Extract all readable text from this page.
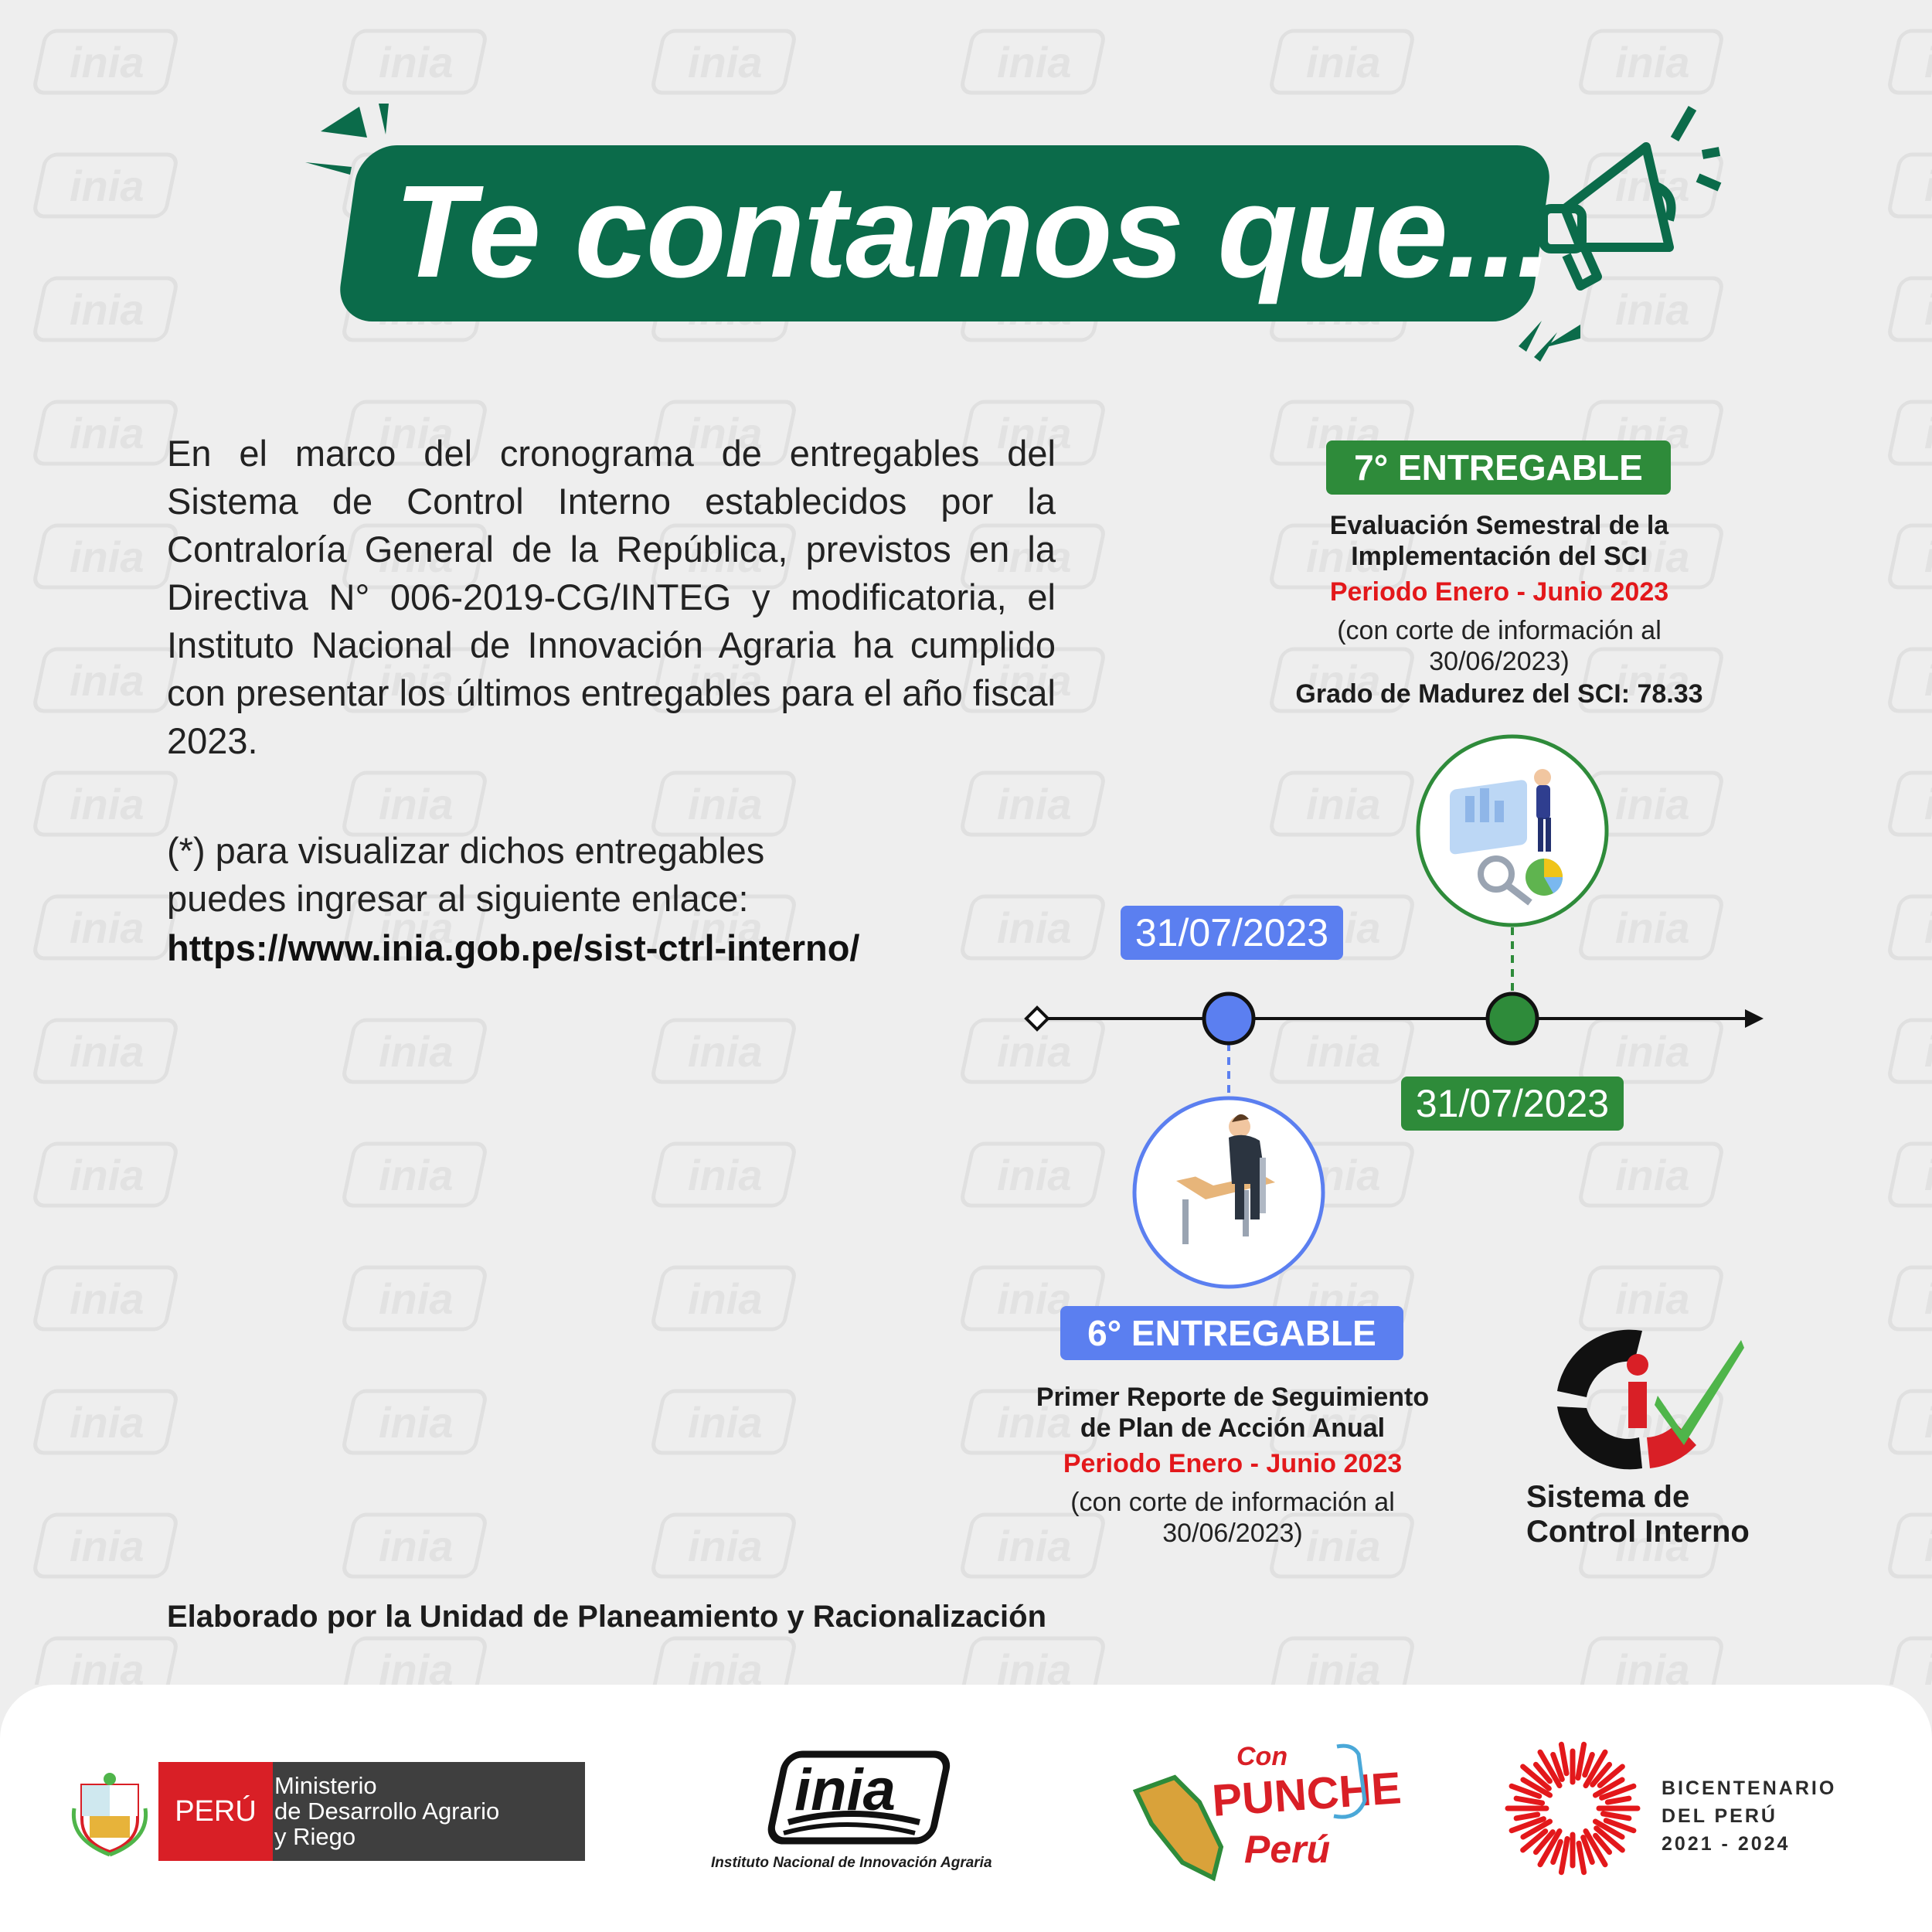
Te contamos que...
En el marco del cronograma de entregables del Sistema de Control Interno establecidos por la Contraloría General de la República, previstos en la Directiva N° 006-2019-CG/INTEG y modificatoria, el Instituto Nacional de Innovación Agraria ha cumplido con presentar los últimos entregables para el año fiscal 2023.
(*) para visualizar dichos entregables
puedes ingresar al siguiente enlace:
https://www.inia.gob.pe/sist-ctrl-interno/
7° ENTREGABLE
Evaluación Semestral de la
Implementación del SCI
Periodo Enero - Junio 2023
(con corte de información al
30/06/2023)
Grado de Madurez del SCI: 78.33
31/07/2023
31/07/2023
6° ENTREGABLE
Primer Reporte de Seguimiento
de Plan de Acción Anual
Periodo Enero - Junio 2023
(con corte de información al
30/06/2023)
Sistema de
Control Interno
Elaborado por la Unidad de Planeamiento y Racionalización
PERÚ
Ministerio
de Desarrollo Agrario
y Riego
inia
Instituto Nacional de Innovación Agraria
Con
PUNCHE
Perú
BICENTENARIO
DEL PERÚ
2021 - 2024
